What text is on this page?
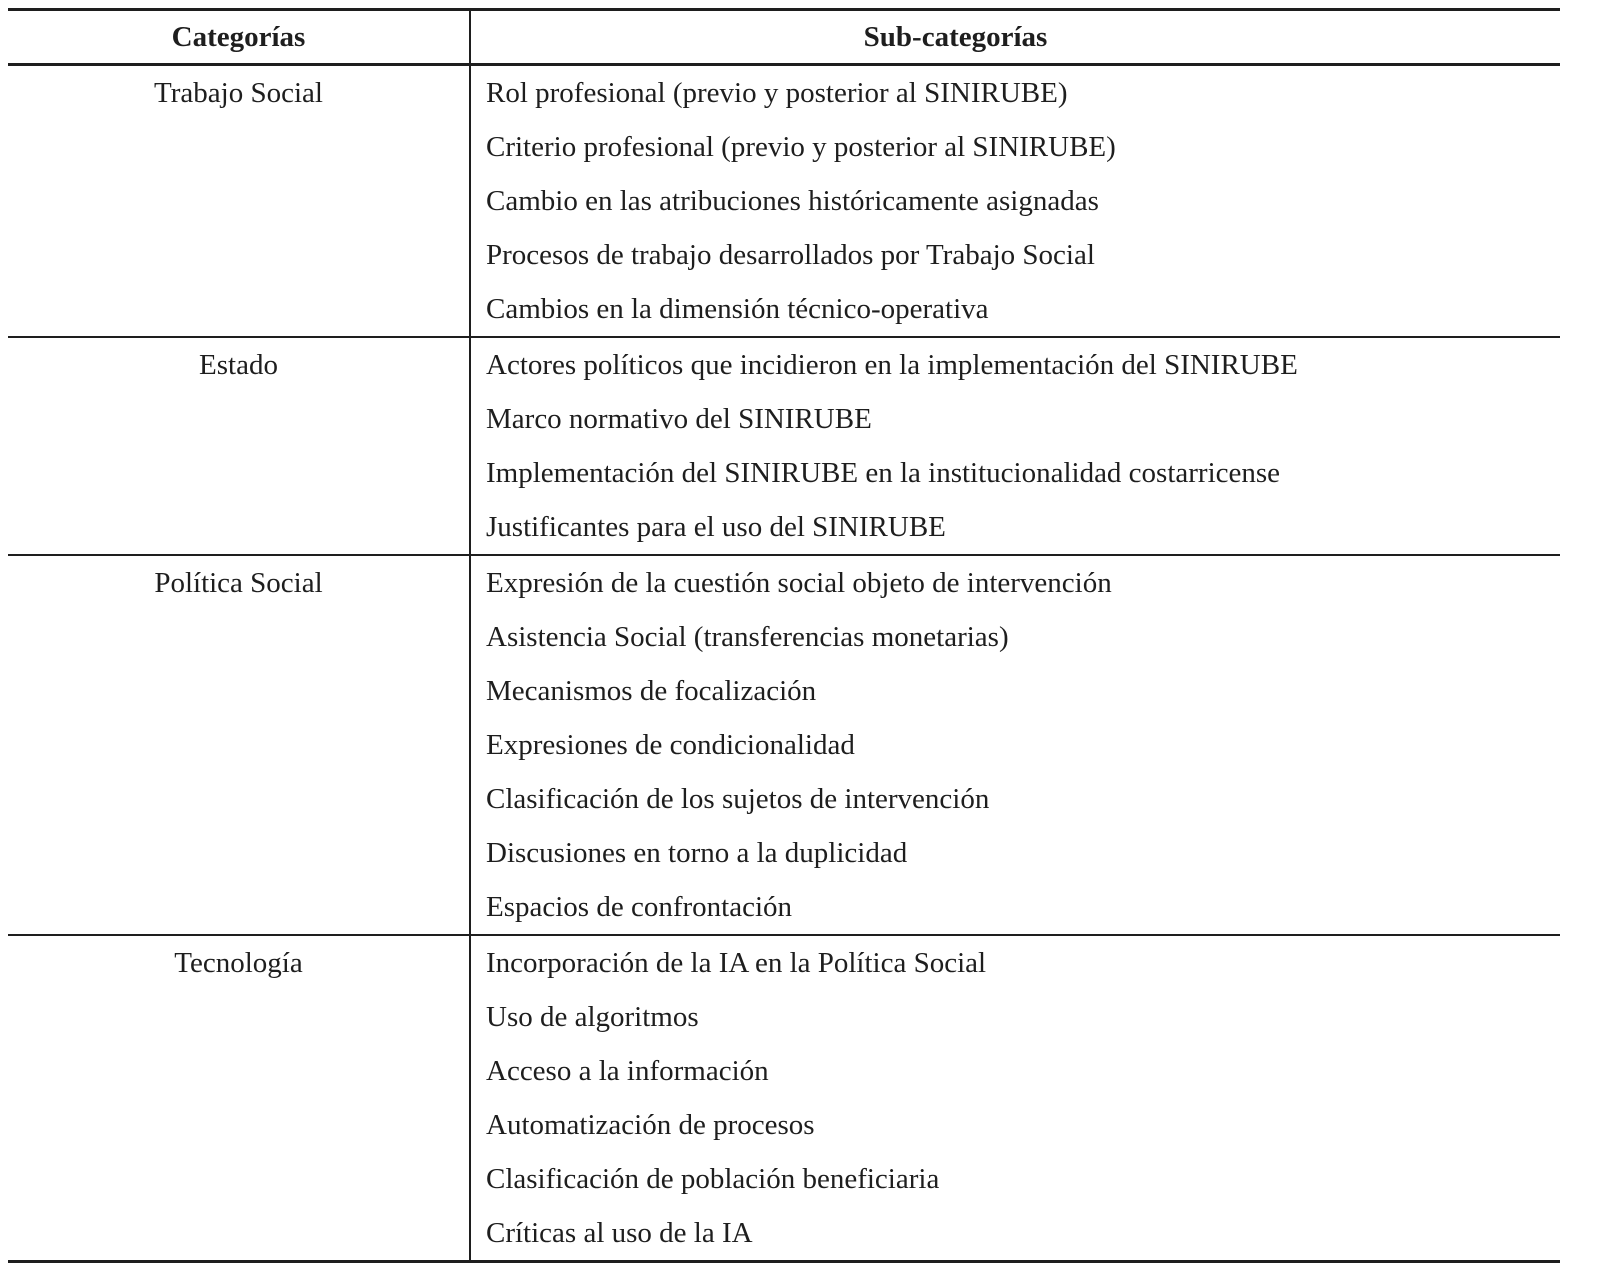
Categorías	Sub-categorías
Trabajo Social	Rol profesional (previo y posterior al SINIRUBE)
Criterio profesional (previo y posterior al SINIRUBE)
Cambio en las atribuciones históricamente asignadas
Procesos de trabajo desarrollados por Trabajo Social
Cambios en la dimensión técnico-operativa
Estado	Actores políticos que incidieron en la implementación del SINIRUBE
Marco normativo del SINIRUBE
Implementación del SINIRUBE en la institucionalidad costarricense
Justificantes para el uso del SINIRUBE
Política Social	Expresión de la cuestión social objeto de intervención
Asistencia Social (transferencias monetarias)
Mecanismos de focalización
Expresiones de condicionalidad
Clasificación de los sujetos de intervención
Discusiones en torno a la duplicidad
Espacios de confrontación
Tecnología	Incorporación de la IA en la Política Social
Uso de algoritmos
Acceso a la información
Automatización de procesos
Clasificación de población beneficiaria
Críticas al uso de la IA
